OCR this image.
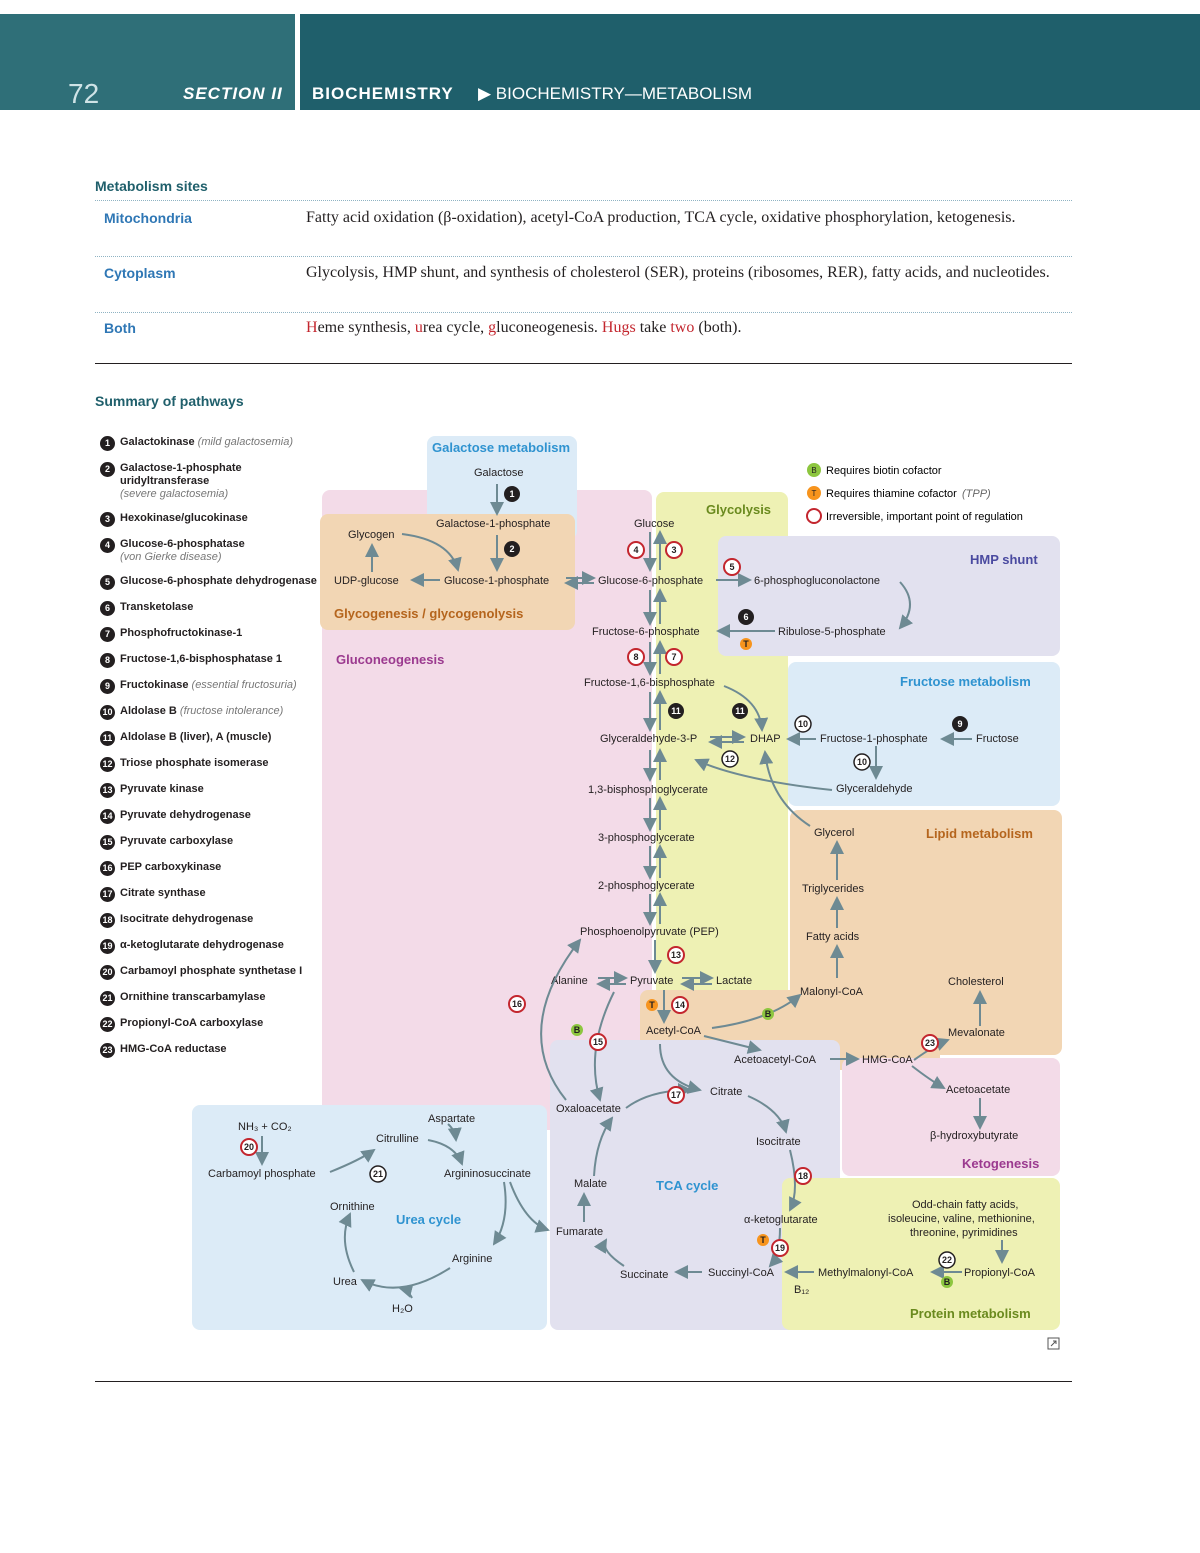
72	SECTION II BIOCHEMISTRY ▶ BIOCHEMISTRY—METABOLISM
Metabolism sites
Mitochondria	Fatty acid oxidation (β-oxidation), acetyl-CoA production, TCA cycle, oxidative phosphorylation, ketogenesis.
Cytoplasm	Glycolysis, HMP shunt, and synthesis of cholesterol (SER), proteins (ribosomes, RER), fatty acids, and nucleotides.
Both	Heme synthesis, urea cycle, gluconeogenesis. Hugs take two (both).
Summary of pathways
1 Galactokinase (mild galactosemia)
2 Galactose-1-phosphate uridyltransferase
(severe galactosemia)
3 Hexokinase/glucokinase
4 Glucose-6-phosphatase
(von Gierke disease)
5 Glucose-6-phosphate dehydrogenase
6 Transketolase
7 Phosphofructokinase-1
8 Fructose-1,6-bisphosphatase 1
9 Fructokinase (essential fructosuria)
10 Aldolase B (fructose intolerance)
11 Aldolase B (liver), A (muscle)
12 Triose phosphate isomerase
13 Pyruvate kinase
14 Pyruvate dehydrogenase
15 Pyruvate carboxylase
16 PEP carboxykinase
17 Citrate synthase
18 Isocitrate dehydrogenase
19 α-ketoglutarate dehydrogenase
20 Carbamoyl phosphate synthetase I
21 Ornithine transcarbamylase
22 Propionyl-CoA carboxylase
23 HMG-CoA reductase
Galactose metabolism
Glycolysis
HMP shunt
Glycogenesis / glycogenolysis
Gluconeogenesis
Fructose metabolism
Lipid metabolism
Ketogenesis
Urea cycle
TCA cycle
Protein metabolism
B Requires biotin cofactor
T Requires thiamine cofactor (TPP)
Irreversible, important point of regulation
Galactose
Galactose-1-phosphate
Glycogen
UDP-glucose	Glucose-1-phosphate
Glucose
Glucose-6-phosphate	6-phosphogluconolactone
Ribulose-5-phosphate
Fructose-6-phosphate
Fructose-1,6-bisphosphate
Glyceraldehyde-3-P	DHAP	Fructose-1-phosphate	Fructose
Glyceraldehyde
1,3-bisphosphoglycerate
3-phosphoglycerate
2-phosphoglycerate
Phosphoenolpyruvate (PEP)
Alanine	Pyruvate	Lactate
Acetyl-CoA
Glycerol
Triglycerides
Fatty acids
Malonyl-CoA
Cholesterol
Mevalonate
Acetoacetyl-CoA	HMG-CoA
Acetoacetate
β-hydroxybutyrate
NH₃ + CO₂
Carbamoyl phosphate
Citrulline
Aspartate
Argininosuccinate
Ornithine
Arginine
Urea
H₂O
Oxaloacetate
Citrate
Isocitrate
Malate
Fumarate
α-ketoglutarate
Succinate	Succinyl-CoA	Methylmalonyl-CoA	Propionyl-CoA
B₁₂
Odd-chain fatty acids,
isoleucine, valine, methionine,
threonine, pyrimidines
1
2	3
4
5
6
T
7
8
9
10
10
11	11
12
13
14
T
15
B
16
B
17
18
19
T
20
21
22
B
23
